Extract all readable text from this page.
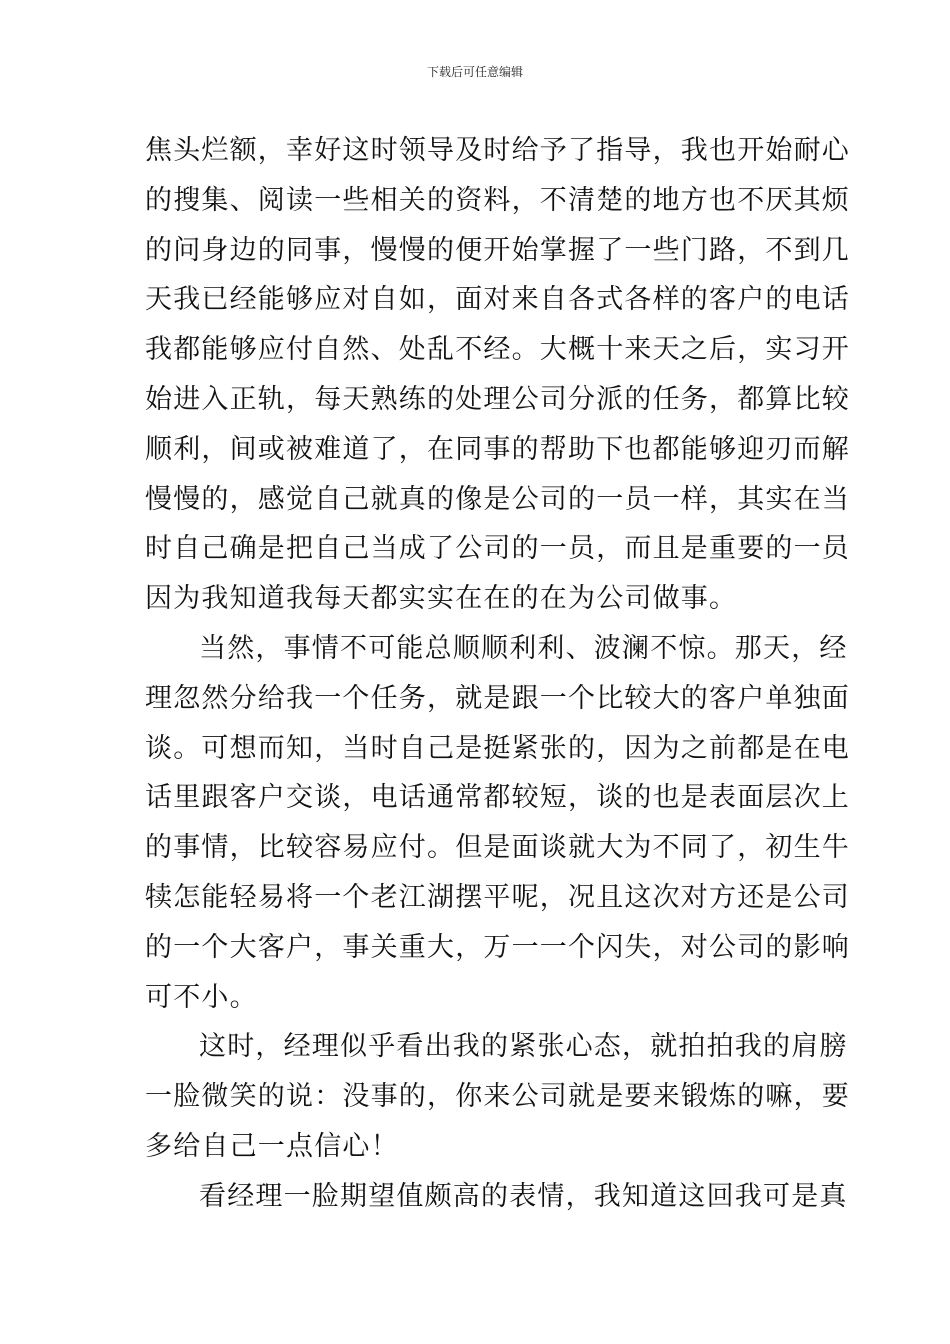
下载后可任意编辑
焦头烂额，幸好这时领导及时给予了指导，我也开始耐心
的搜集、阅读一些相关的资料，不清楚的地方也不厌其烦
的问身边的同事，慢慢的便开始掌握了一些门路，不到几
天我已经能够应对自如，面对来自各式各样的客户的电话
我都能够应付自然、处乱不经。大概十来天之后，实习开
始进入正轨，每天熟练的处理公司分派的任务，都算比较
顺利，间或被难道了，在同事的帮助下也都能够迎刃而解
慢慢的，感觉自己就真的像是公司的一员一样，其实在当
时自己确是把自己当成了公司的一员，而且是重要的一员
因为我知道我每天都实实在在的在为公司做事。
当然，事情不可能总顺顺利利、波澜不惊。那天，经
理忽然分给我一个任务，就是跟一个比较大的客户单独面
谈。可想而知，当时自己是挺紧张的，因为之前都是在电
话里跟客户交谈，电话通常都较短，谈的也是表面层次上
的事情，比较容易应付。但是面谈就大为不同了，初生牛
犊怎能轻易将一个老江湖摆平呢，况且这次对方还是公司
的一个大客户，事关重大，万一一个闪失，对公司的影响
可不小。
这时，经理似乎看出我的紧张心态，就拍拍我的肩膀
一脸微笑的说：没事的，你来公司就是要来锻炼的嘛，要
多给自己一点信心！
看经理一脸期望值颇高的表情，我知道这回我可是真
